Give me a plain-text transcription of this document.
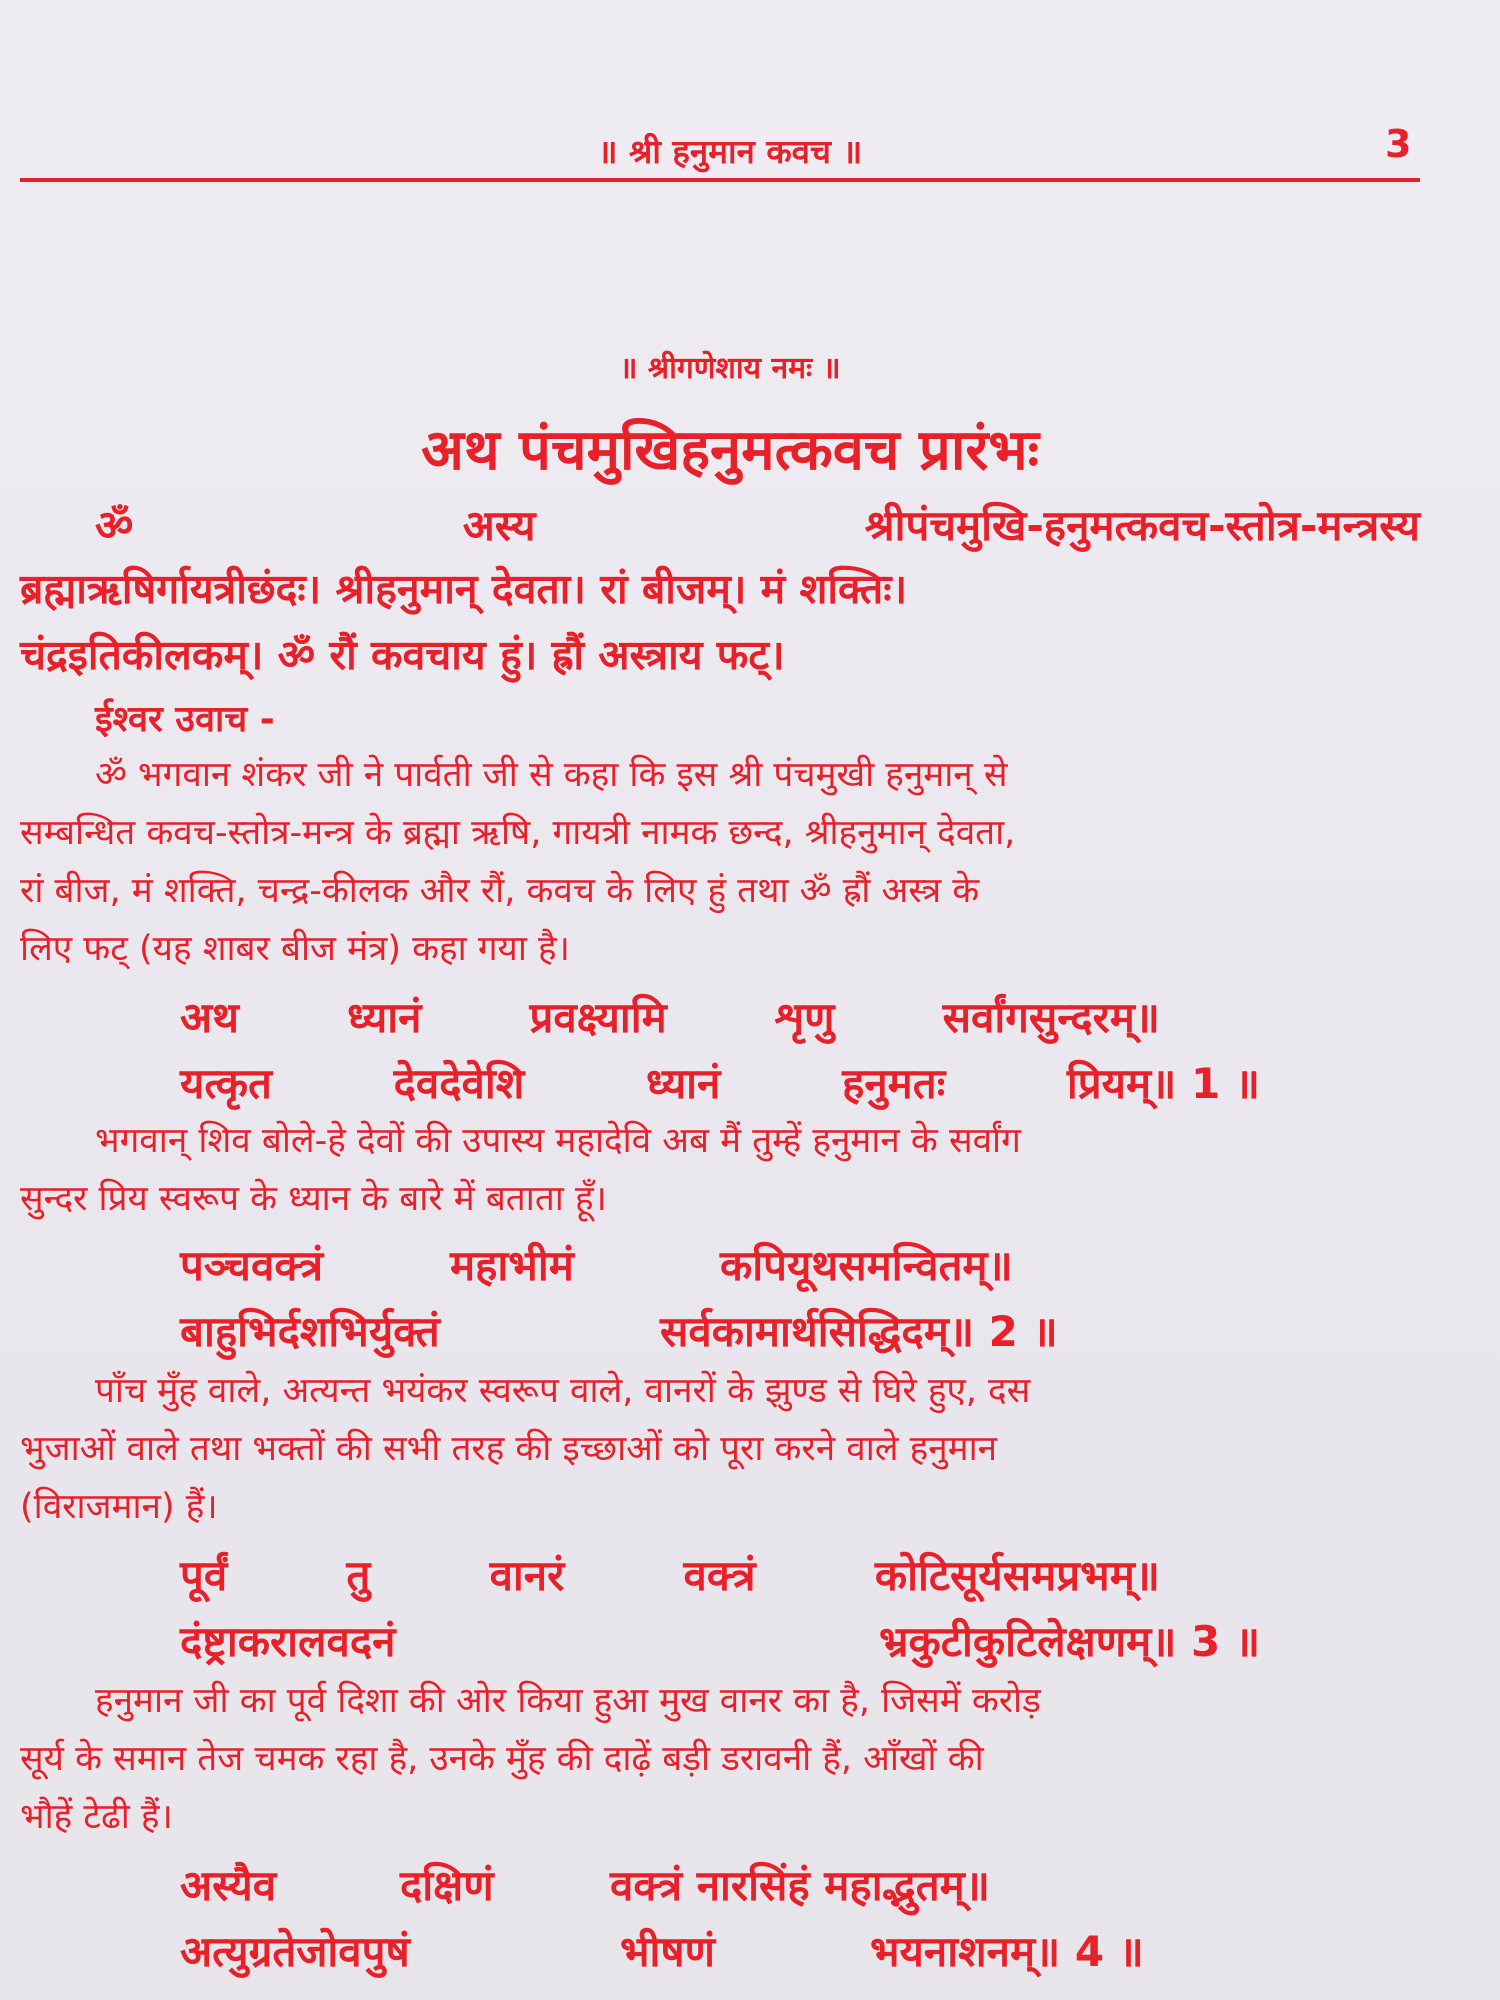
॥ श्री हनुमान कवच ॥	3
॥ श्रीगणेशाय नमः ॥
अथ पंचमुखिहनुमत्कवच प्रारंभः
ॐ	अस्य	श्रीपंचमुखि-हनुमत्कवच-स्तोत्र-मन्त्रस्य
ब्रह्माऋषिर्गायत्रीछंदः। श्रीहनुमान् देवता। रां बीजम्। मं शक्तिः।
चंद्रइतिकीलकम्। ॐ रौं कवचाय हुं। ह्रौं अस्त्राय फट्।
ईश्वर उवाच -
ॐ भगवान शंकर जी ने पार्वती जी से कहा कि इस श्री पंचमुखी हनुमान् से
सम्बन्धित कवच-स्तोत्र-मन्त्र के ब्रह्मा ऋषि, गायत्री नामक छन्द, श्रीहनुमान् देवता,
रां बीज, मं शक्ति, चन्द्र-कीलक और रौं, कवच के लिए हुं तथा ॐ ह्रौं अस्त्र के
लिए फट् (यह शाबर बीज मंत्र) कहा गया है।
अथ	ध्यानं	प्रवक्ष्यामि	शृणु	सर्वांगसुन्दरम्॥
यत्कृत	देवदेवेशि	ध्यानं	हनुमतः	प्रियम्॥ 1 ॥
भगवान् शिव बोले-हे देवों की उपास्य महादेवि अब मैं तुम्हें हनुमान के सर्वांग
सुन्दर प्रिय स्वरूप के ध्यान के बारे में बताता हूँ।
पञ्चवक्त्रं	महाभीमं	कपियूथसमन्वितम्॥
बाहुभिर्दशभिर्युक्तं	सर्वकामार्थसिद्धिदम्॥ 2 ॥
पाँच मुँह वाले, अत्यन्त भयंकर स्वरूप वाले, वानरों के झुण्ड से घिरे हुए, दस
भुजाओं वाले तथा भक्तों की सभी तरह की इच्छाओं को पूरा करने वाले हनुमान
(विराजमान) हैं।
पूर्वं	तु	वानरं	वक्त्रं	कोटिसूर्यसमप्रभम्॥
दंष्ट्राकरालवदनं	भ्रकुटीकुटिलेक्षणम्॥ 3 ॥
हनुमान जी का पूर्व दिशा की ओर किया हुआ मुख वानर का है, जिसमें करोड़
सूर्य के समान तेज चमक रहा है, उनके मुँह की दाढ़ें बड़ी डरावनी हैं, आँखों की
भौहें टेढी हैं।
अस्यैव	दक्षिणं	वक्त्रं नारसिंहं महाद्भुतम्॥
अत्युग्रतेजोवपुषं	भीषणं	भयनाशनम्॥ 4 ॥
